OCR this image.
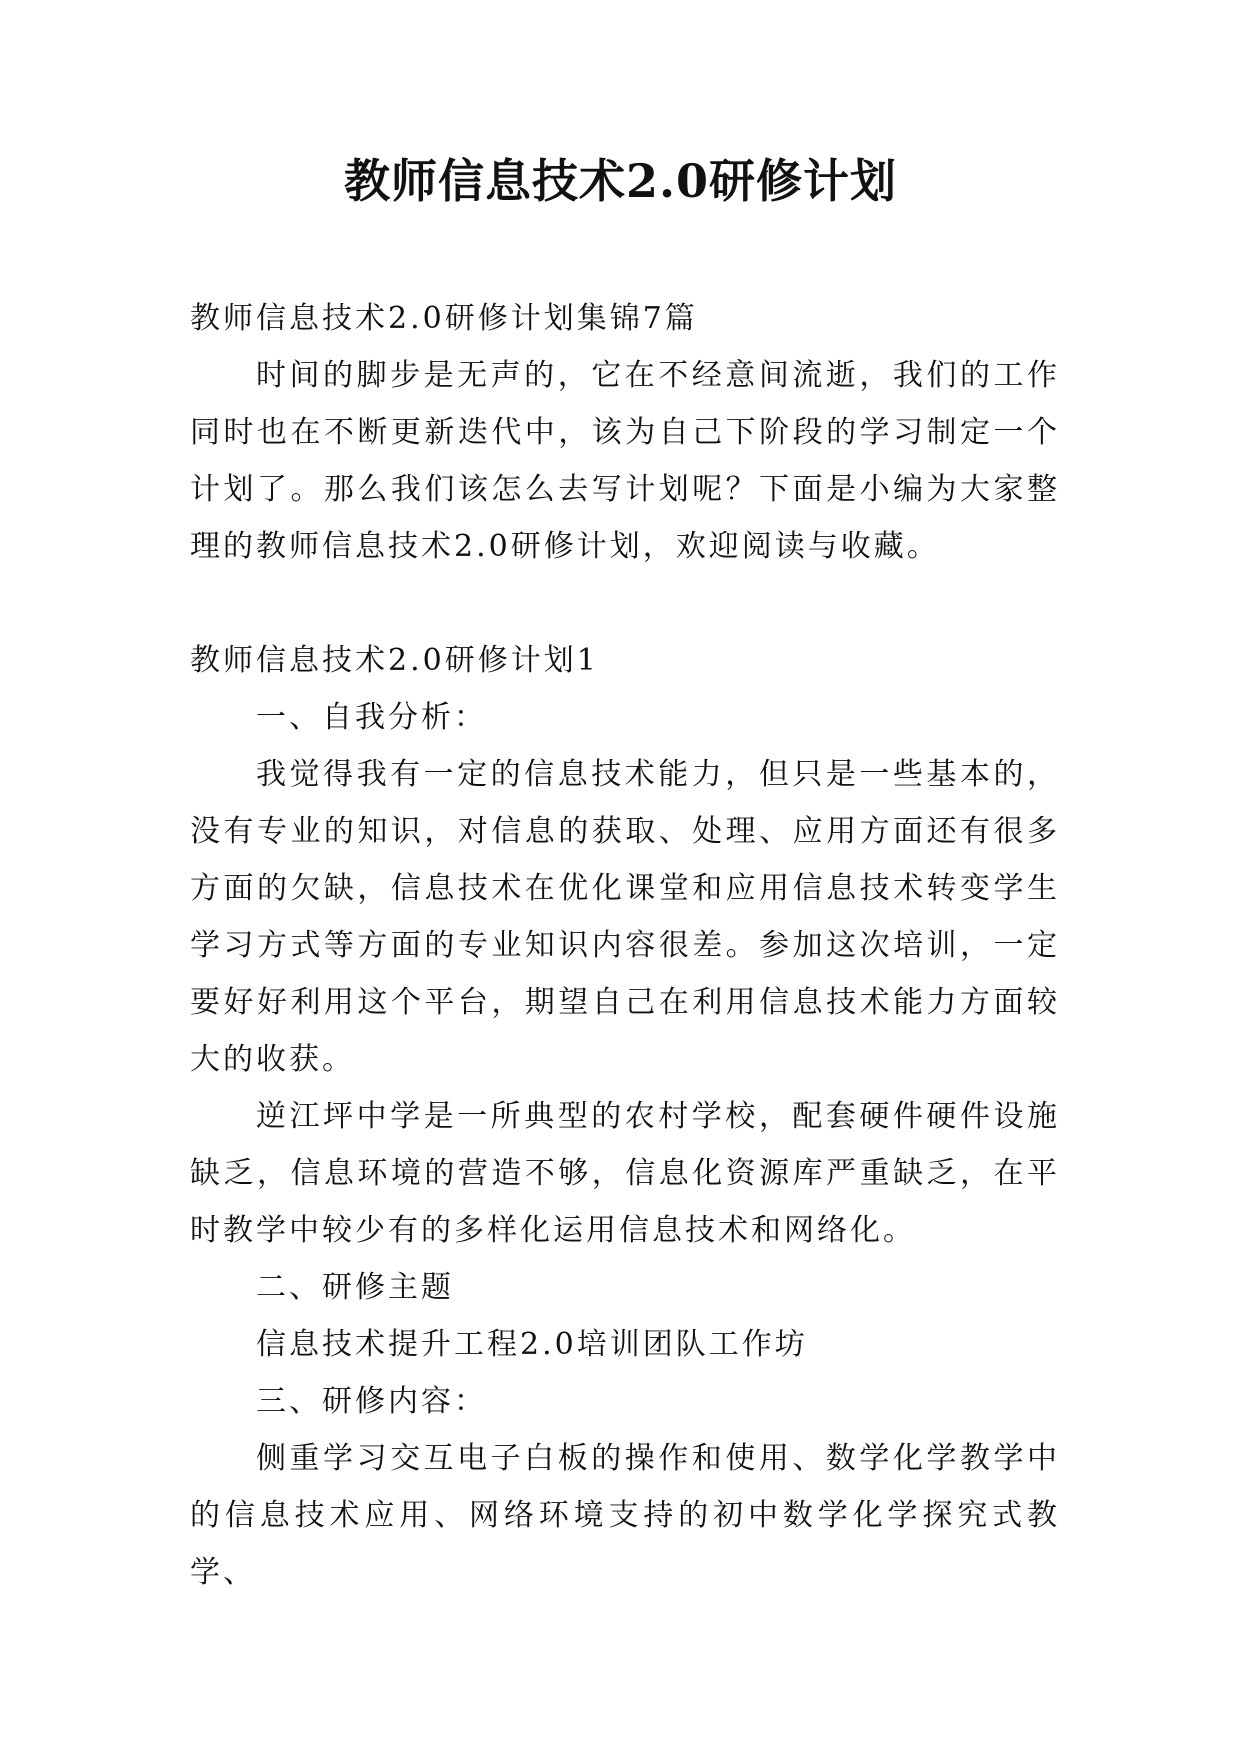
教师信息技术2.0研修计划

教师信息技术2.0研修计划集锦7篇

时间的脚步是无声的，它在不经意间流逝，我们的工作同时也在不断更新迭代中，该为自己下阶段的学习制定一个计划了。那么我们该怎么去写计划呢？下面是小编为大家整理的教师信息技术2.0研修计划，欢迎阅读与收藏。

教师信息技术2.0研修计划1

一、自我分析：

我觉得我有一定的信息技术能力，但只是一些基本的，没有专业的知识，对信息的获取、处理、应用方面还有很多方面的欠缺，信息技术在优化课堂和应用信息技术转变学生学习方式等方面的专业知识内容很差。参加这次培训，一定要好好利用这个平台，期望自己在利用信息技术能力方面较大的收获。

逆江坪中学是一所典型的农村学校，配套硬件硬件设施缺乏，信息环境的营造不够，信息化资源库严重缺乏，在平时教学中较少有的多样化运用信息技术和网络化。

二、研修主题

信息技术提升工程2.0培训团队工作坊

三、研修内容：

侧重学习交互电子白板的操作和使用、数学化学教学中的信息技术应用、网络环境支持的初中数学化学探究式教学、
